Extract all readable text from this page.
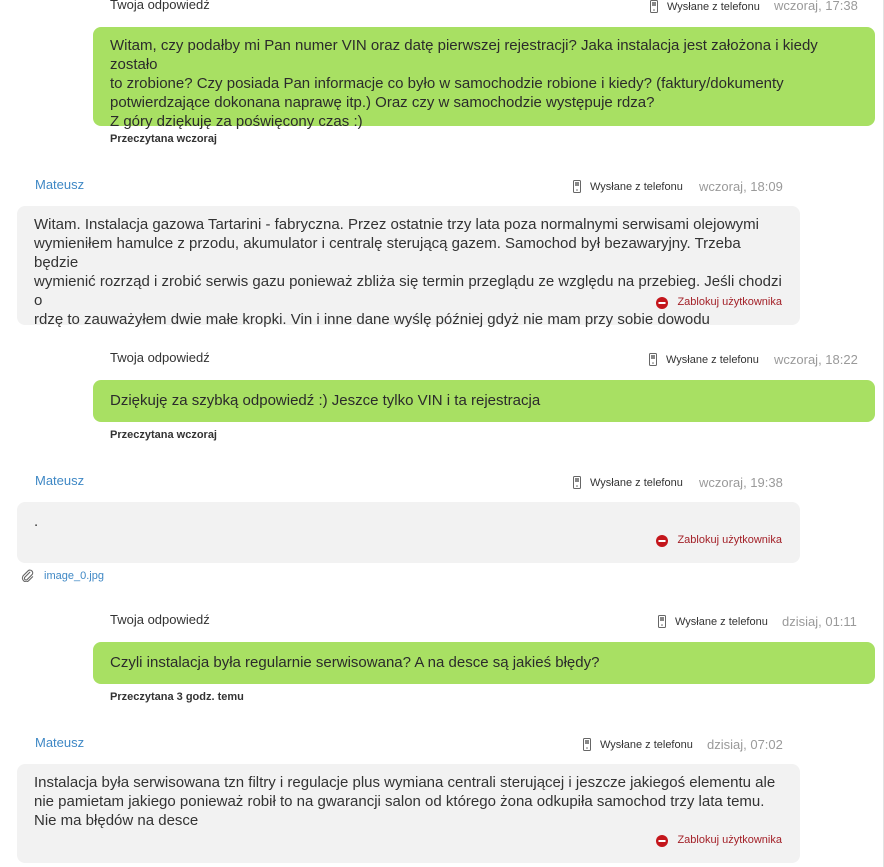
Twoja odpowiedź	Wysłane z telefonu wczoraj, 17:38
Witam, czy podałby mi Pan numer VIN oraz datę pierwszej rejestracji? Jaka instalacja jest założona i kiedy zostało
to zrobione? Czy posiada Pan informacje co było w samochodzie robione i kiedy? (faktury/dokumenty
potwierdzające dokonana naprawę itp.) Oraz czy w samochodzie występuje rdza?
Z góry dziękuję za poświęcony czas :)
Przeczytana wczoraj
Mateusz	Wysłane z telefonu wczoraj, 18:09
Witam. Instalacja gazowa Tartarini - fabryczna. Przez ostatnie trzy lata poza normalnymi serwisami olejowymi
wymieniłem hamulce z przodu, akumulator i centralę sterującą gazem. Samochod był bezawaryjny. Trzeba będzie
wymienić rozrząd i zrobić serwis gazu ponieważ zbliża się termin przeglądu ze względu na przebieg. Jeśli chodzi o
rdzę to zauważyłem dwie małe kropki. Vin i inne dane wyślę później gdyż nie mam przy sobie dowodu
Zablokuj użytkownika
Twoja odpowiedź	Wysłane z telefonu wczoraj, 18:22
Dziękuję za szybką odpowiedź :) Jeszce tylko VIN i ta rejestracja
Przeczytana wczoraj
Mateusz	Wysłane z telefonu wczoraj, 19:38
.
Zablokuj użytkownika
image_0.jpg
Twoja odpowiedź	Wysłane z telefonu dzisiaj, 01:11
Czyli instalacja była regularnie serwisowana? A na desce są jakieś błędy?
Przeczytana 3 godz. temu
Mateusz	Wysłane z telefonu dzisiaj, 07:02
Instalacja była serwisowana tzn filtry i regulacje plus wymiana centrali sterującej i jeszcze jakiegoś elementu ale
nie pamietam jakiego ponieważ robił to na gwarancji salon od którego żona odkupiła samochod trzy lata temu.
Nie ma błędów na desce
Zablokuj użytkownika
